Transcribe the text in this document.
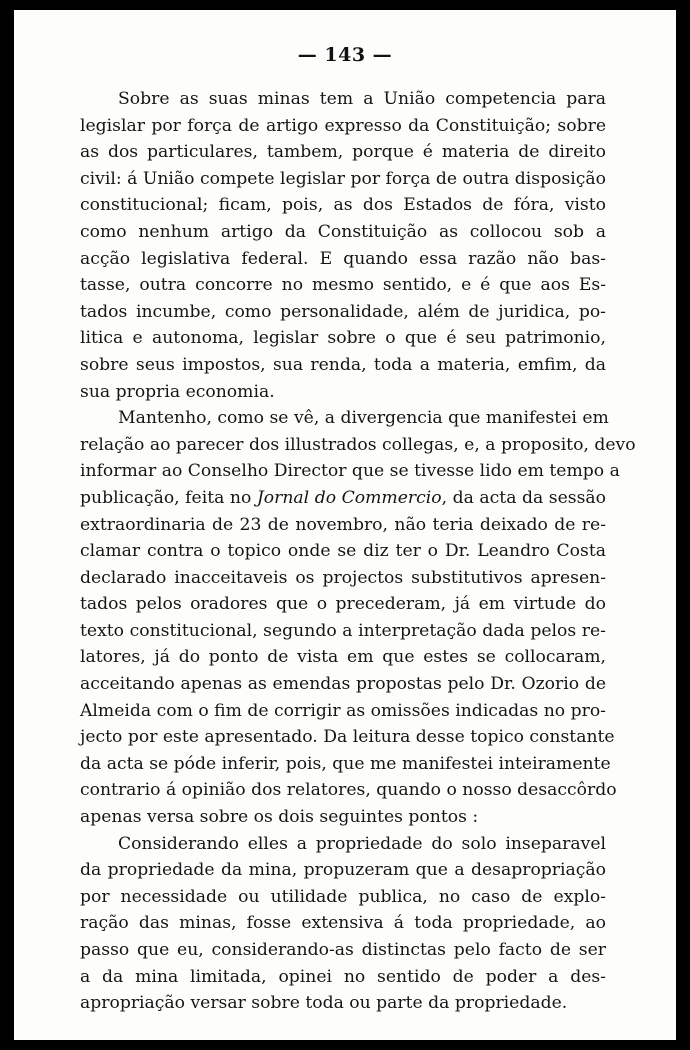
— 143 —
Sobre as suas minas tem a União competencia para
legislar por força de artigo expresso da Constituição; sobre
as dos particulares, tambem, porque é materia de direito
civil: á União compete legislar por força de outra disposição
constitucional; ficam, pois, as dos Estados de fóra, visto
como nenhum artigo da Constituição as collocou sob a
acção legislativa federal. E quando essa razão não bas-
tasse, outra concorre no mesmo sentido, e é que aos Es-
tados incumbe, como personalidade, além de juridica, po-
litica e autonoma, legislar sobre o que é seu patrimonio,
sobre seus impostos, sua renda, toda a materia, emfim, da
sua propria economia.
Mantenho, como se vê, a divergencia que manifestei em
relação ao parecer dos illustrados collegas, e, a proposito, devo
informar ao Conselho Director que se tivesse lido em tempo a
publicação, feita no Jornal do Commercio, da acta da sessão
extraordinaria de 23 de novembro, não teria deixado de re-
clamar contra o topico onde se diz ter o Dr. Leandro Costa
declarado inacceitaveis os projectos substitutivos apresen-
tados pelos oradores que o precederam, já em virtude do
texto constitucional, segundo a interpretação dada pelos re-
latores, já do ponto de vista em que estes se collocaram,
acceitando apenas as emendas propostas pelo Dr. Ozorio de
Almeida com o fim de corrigir as omissões indicadas no pro-
jecto por este apresentado. Da leitura desse topico constante
da acta se póde inferir, pois, que me manifestei inteiramente
contrario á opinião dos relatores, quando o nosso desaccôrdo
apenas versa sobre os dois seguintes pontos :
Considerando elles a propriedade do solo inseparavel
da propriedade da mina, propuzeram que a desapropriação
por necessidade ou utilidade publica, no caso de explo-
ração das minas, fosse extensiva á toda propriedade, ao
passo que eu, considerando-as distinctas pelo facto de ser
a da mina limitada, opinei no sentido de poder a des-
apropriação versar sobre toda ou parte da propriedade.
